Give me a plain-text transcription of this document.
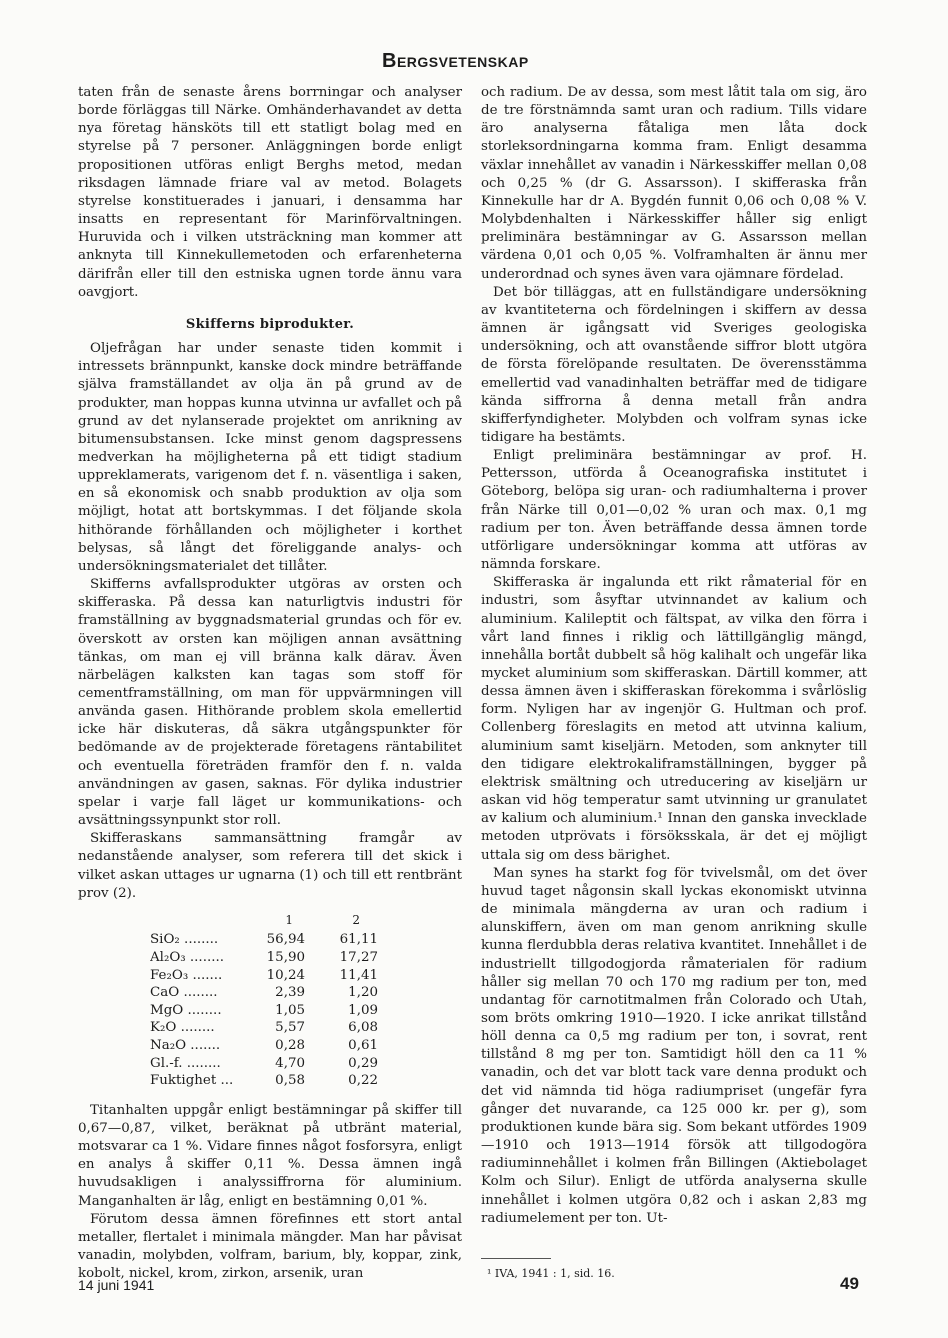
Bergsvetenskap

taten från de senaste årens borrningar och analyser borde förläggas till Närke. Omhänderhavandet av detta nya företag hänsköts till ett statligt bolag med en styrelse på 7 personer. Anläggningen borde enligt propositionen utföras enligt Berghs metod, medan riksdagen lämnade friare val av metod. Bolagets styrelse konstituerades i januari, i densamma har insatts en representant för Marinförvaltningen. Huruvida och i vilken utsträckning man kommer att anknyta till Kinnekullemetoden och erfarenheterna därifrån eller till den estniska ugnen torde ännu vara oavgjort.

Skifferns biprodukter.

Oljefrågan har under senaste tiden kommit i intressets brännpunkt, kanske dock mindre beträffande själva framställandet av olja än på grund av de produkter, man hoppas kunna utvinna ur avfallet och på grund av det nylanserade projektet om anrikning av bitumensubstansen. Icke minst genom dagspressens medverkan ha möjligheterna på ett tidigt stadium uppreklamerats, varigenom det f. n. väsentliga i saken, en så ekonomisk och snabb produktion av olja som möjligt, hotat att bortskymmas. I det följande skola hithörande förhållanden och möjligheter i korthet belysas, så långt det föreliggande analys- och undersökningsmaterialet det tillåter.

Skifferns avfallsprodukter utgöras av orsten och skifferaska. På dessa kan naturligtvis industri för framställning av byggnadsmaterial grundas och för ev. överskott av orsten kan möjligen annan avsättning tänkas, om man ej vill bränna kalk därav. Även närbelägen kalksten kan tagas som stoff för cementframställning, om man för uppvärmningen vill använda gasen. Hithörande problem skola emellertid icke här diskuteras, då säkra utgångspunkter för bedömande av de projekterade företagens räntabilitet och eventuella företräden framför den f. n. valda användningen av gasen, saknas. För dylika industrier spelar i varje fall läget ur kommunikations- och avsättningssynpunkt stor roll.

Skifferaskans sammansättning framgår av nedanstående analyser, som referera till det skick i vilket askan uttages ur ugnarna (1) och till ett rentbränt prov (2).

	1	2
SiO₂ ........	56,94	61,11
Al₂O₃ ........	15,90	17,27
Fe₂O₃ .......	10,24	11,41
CaO ........	2,39	1,20
MgO ........	1,05	1,09
K₂O ........	5,57	6,08
Na₂O .......	0,28	0,61
Gl.-f. ........	4,70	0,29
Fuktighet ...	0,58	0,22

Titanhalten uppgår enligt bestämningar på skiffer till 0,67—0,87, vilket, beräknat på utbränt material, motsvarar ca 1 %. Vidare finnes något fosforsyra, enligt en analys å skiffer 0,11 %. Dessa ämnen ingå huvudsakligen i analyssiffrorna för aluminium. Manganhalten är låg, enligt en bestämning 0,01 %.

Förutom dessa ämnen förefinnes ett stort antal metaller, flertalet i minimala mängder. Man har påvisat vanadin, molybden, volfram, barium, bly, koppar, zink, kobolt, nickel, krom, zirkon, arsenik, uran

och radium. De av dessa, som mest låtit tala om sig, äro de tre förstnämnda samt uran och radium. Tills vidare äro analyserna fåtaliga men låta dock storleksordningarna komma fram. Enligt desamma växlar innehållet av vanadin i Närkesskiffer mellan 0,08 och 0,25 % (dr G. Assarsson). I skifferaska från Kinnekulle har dr A. Bygdén funnit 0,06 och 0,08 % V. Molybdenhalten i Närkesskiffer håller sig enligt preliminära bestämningar av G. Assarsson mellan värdena 0,01 och 0,05 %. Volframhalten är ännu mer underordnad och synes även vara ojämnare fördelad.

Det bör tilläggas, att en fullständigare undersökning av kvantiteterna och fördelningen i skiffern av dessa ämnen är igångsatt vid Sveriges geologiska undersökning, och att ovanstående siffror blott utgöra de första förelöpande resultaten. De överensstämma emellertid vad vanadinhalten beträffar med de tidigare kända siffrorna å denna metall från andra skifferfyndigheter. Molybden och volfram synas icke tidigare ha bestämts.

Enligt preliminära bestämningar av prof. H. Pettersson, utförda å Oceanografiska institutet i Göteborg, belöpa sig uran- och radiumhalterna i prover från Närke till 0,01—0,02 % uran och max. 0,1 mg radium per ton. Även beträffande dessa ämnen torde utförligare undersökningar komma att utföras av nämnda forskare.

Skifferaska är ingalunda ett rikt råmaterial för en industri, som åsyftar utvinnandet av kalium och aluminium. Kalileptit och fältspat, av vilka den förra i vårt land finnes i riklig och lättillgänglig mängd, innehålla bortåt dubbelt så hög kalihalt och ungefär lika mycket aluminium som skifferaskan. Därtill kommer, att dessa ämnen även i skifferaskan förekomma i svårlöslig form. Nyligen har av ingenjör G. Hultman och prof. Collenberg föreslagits en metod att utvinna kalium, aluminium samt kiseljärn. Metoden, som anknyter till den tidigare elektrokaliframställningen, bygger på elektrisk smältning och utreducering av kiseljärn ur askan vid hög temperatur samt utvinning ur granulatet av kalium och aluminium.¹ Innan den ganska invecklade metoden utprövats i försöksskala, är det ej möjligt uttala sig om dess bärighet.

Man synes ha starkt fog för tvivelsmål, om det över huvud taget någonsin skall lyckas ekonomiskt utvinna de minimala mängderna av uran och radium i alunskiffern, även om man genom anrikning skulle kunna flerdubbla deras relativa kvantitet. Innehållet i de industriellt tillgodogjorda råmaterialen för radium håller sig mellan 70 och 170 mg radium per ton, med undantag för carnotitmalmen från Colorado och Utah, som bröts omkring 1910—1920. I icke anrikat tillstånd höll denna ca 0,5 mg radium per ton, i sovrat, rent tillstånd 8 mg per ton. Samtidigt höll den ca 11 % vanadin, och det var blott tack vare denna produkt och det vid nämnda tid höga radiumpriset (ungefär fyra gånger det nuvarande, ca 125 000 kr. per g), som produktionen kunde bära sig. Som bekant utfördes 1909—1910 och 1913—1914 försök att tillgodogöra radiuminnehållet i kolmen från Billingen (Aktiebolaget Kolm och Silur). Enligt de utförda analyserna skulle innehållet i kolmen utgöra 0,82 och i askan 2,83 mg radiumelement per ton. Ut-

¹ IVA, 1941 : 1, sid. 16.
14 juni 1941	49
